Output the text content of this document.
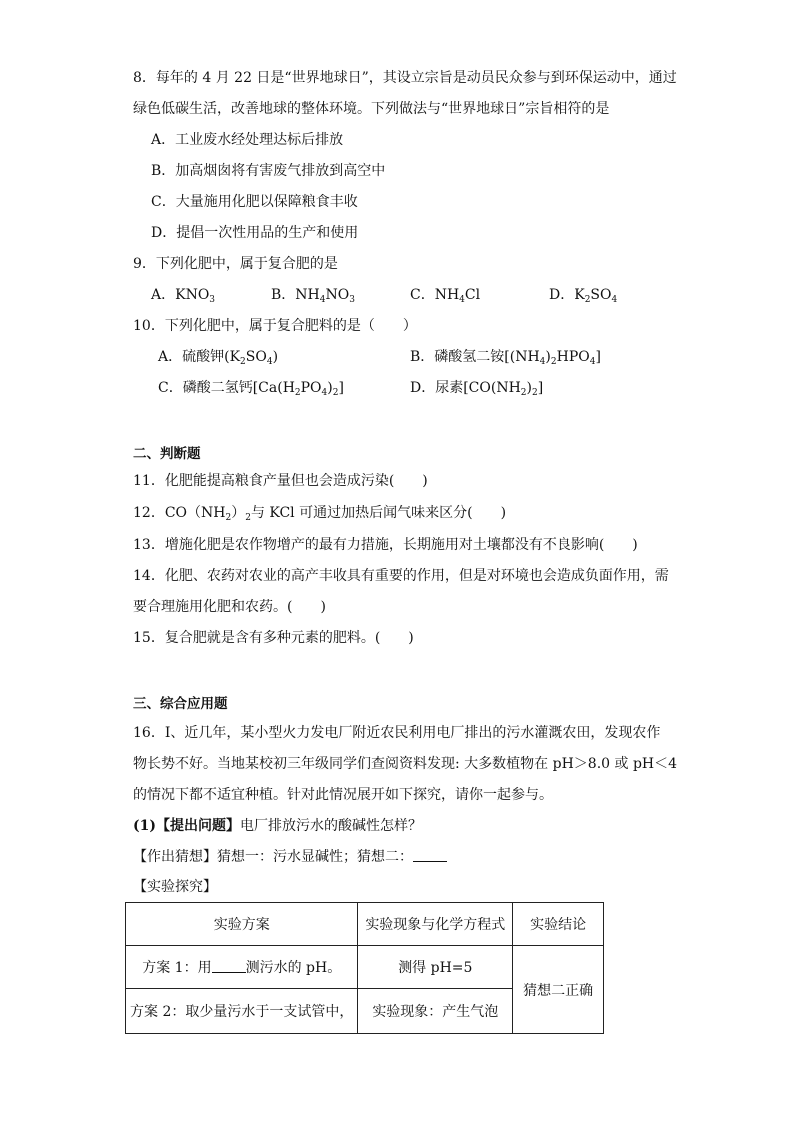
8．每年的 4 月 22 日是“世界地球日”，其设立宗旨是动员民众参与到环保运动中，通过
绿色低碳生活，改善地球的整体环境。下列做法与“世界地球日”宗旨相符的是
A．工业废水经处理达标后排放
B．加高烟囱将有害废气排放到高空中
C．大量施用化肥以保障粮食丰收
D．提倡一次性用品的生产和使用
9．下列化肥中，属于复合肥的是
A．$KNO_3$	B．$NH_4NO_3$	C．$NH_4Cl$	D．$K_2SO_4$
10．下列化肥中，属于复合肥料的是（　　）
A．硫酸钾$(K_2SO_4)$	B．磷酸氢二铵$[(NH_4)_2HPO_4]$
C．磷酸二氢钙$[Ca(H_2PO_4)_2]$	D．尿素$[CO(NH_2)_2]$
二、判断题
11．化肥能提高粮食产量但也会造成污染(　　)
12．$CO(NH_2)_2$与 KCl 可通过加热后闻气味来区分(　　)
13．增施化肥是农作物增产的最有力措施，长期施用对土壤都没有不良影响(　　)
14．化肥、农药对农业的高产丰收具有重要的作用，但是对环境也会造成负面作用，需
要合理施用化肥和农药。(　　)
15．复合肥就是含有多种元素的肥料。(　　)
三、综合应用题
16．Ⅰ、近几年，某小型火力发电厂附近农民利用电厂排出的污水灌溉农田，发现农作
物长势不好。当地某校初三年级同学们查阅资料发现: 大多数植物在 pH＞8.0 或 pH＜4
的情况下都不适宜种植。针对此情况展开如下探究，请你一起参与。
(1)【提出问题】电厂排放污水的酸碱性怎样？
【作出猜想】猜想一：污水显碱性；猜想二：
【实验探究】
实验方案	实验现象与化学方程式	实验结论
方案 1：用 测污水的 pH。	测得 pH=5	猜想二正确
方案 2：取少量污水于一支试管中，	实验现象：产生气泡	
